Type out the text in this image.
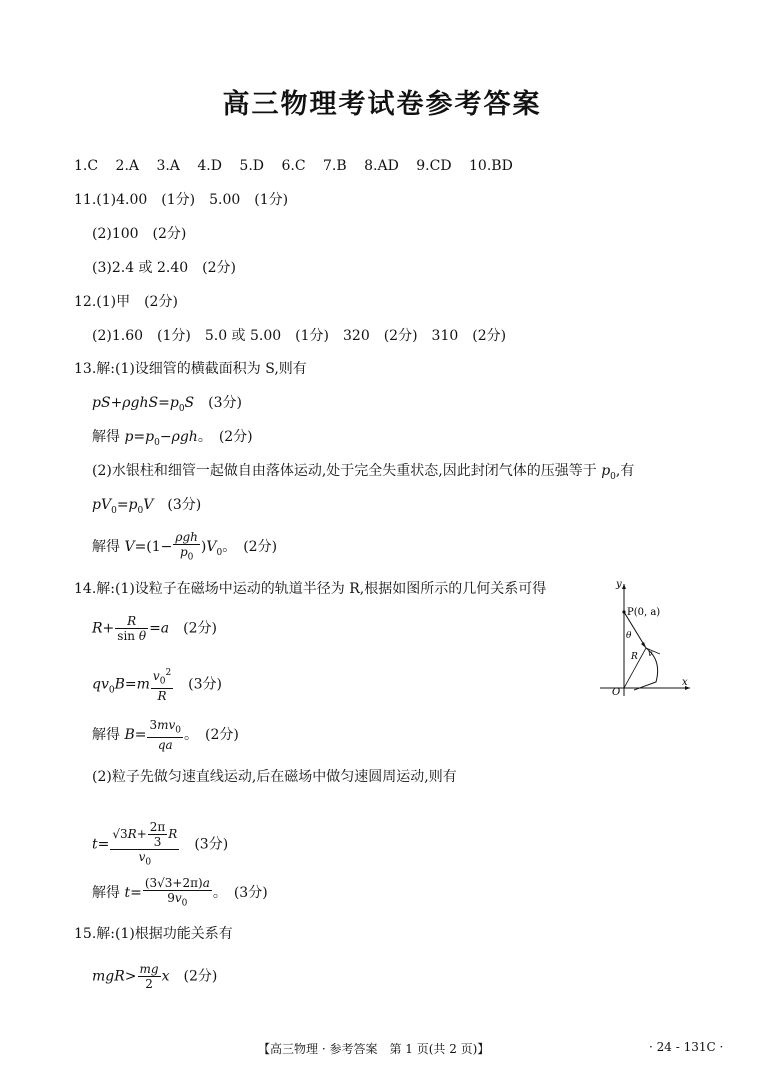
高三物理考试卷参考答案
1.C 2.A 3.A 4.D 5.D 6.C 7.B 8.AD 9.CD 10.BD
11.(1)4.00　(1分)　5.00　(1分)
(2)100　(2分)
(3)2.4 或 2.40　(2分)
12.(1)甲　(2分)
(2)1.60　(1分)　5.0 或 5.00　(1分)　320　(2分)　310　(2分)
13.解:(1)设细管的横截面积为 S,则有
$pS+\rho ghS=p_0S$　 (3分)
解得 $p=p_0-\rho gh$。　(2分)
(2)水银柱和细管一起做自由落体运动,处于完全失重状态,因此封闭气体的压强等于 $p_0$,有
$pV_0=p_0V$　 (3分)
解得 $V=(1- \frac{\text{ρgh}}{p_0} )V_0$。　(2分)
14.解:(1)设粒子在磁场中运动的轨道半径为 R,根据如图所示的几何关系可得
$R+ \frac{R}{\text{sin θ}} =a$　 (2分)
$qv_0B=m \frac{v_0^2}{R}$
　 (3分)
解得 $B= \frac{3mv_0}{qa}$ 。　(2分)
(2)粒子先做匀速直线运动,后在磁场中做匀速圆周运动,则有
$t= \frac{√3R+ \frac{2\pi}{3} R}{v_0}$
　 (3分)
解得 $t= \frac{(3√3+2\pi)a}{9v_0}$ 。　(3分)
15.解:(1)根据功能关系有
$mgR> \frac{mg}{2}$ x　 (2分)
P(0, a)
θ
R v
O
x
y
【高三物理 · 参考答案　第 1 页(共 2 页)】	· 24 - 131C ·
